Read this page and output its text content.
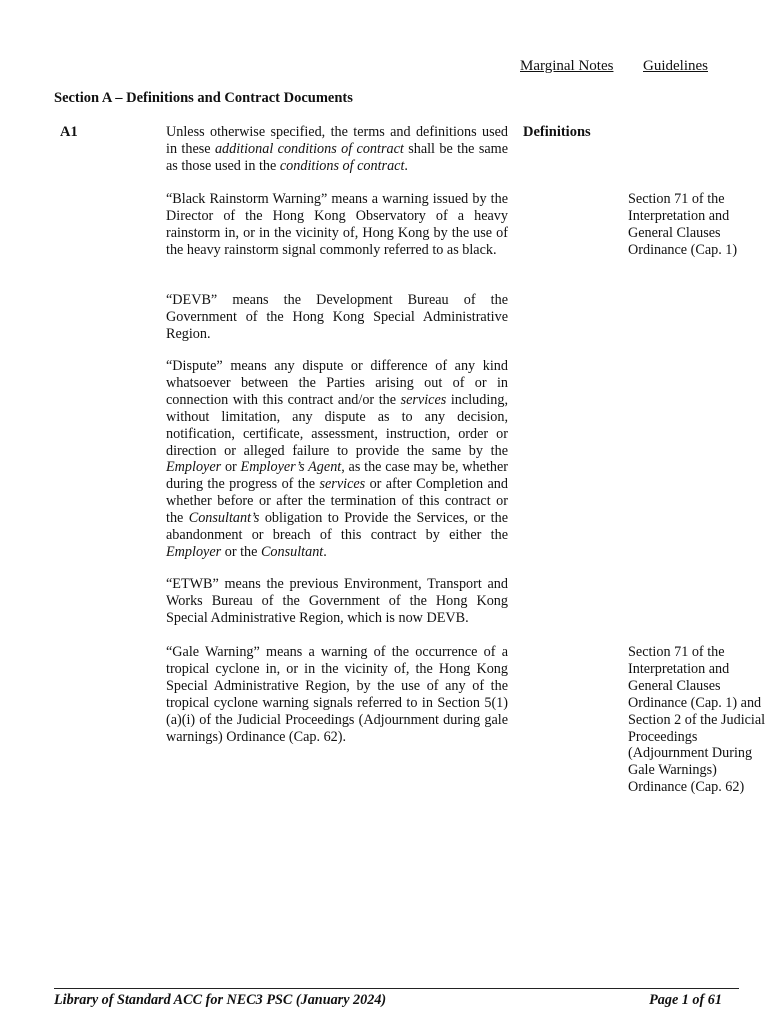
Marginal Notes Guidelines
Section A – Definitions and Contract Documents
A1	Definitions
Unless otherwise specified, the terms and definitions used in these additional conditions of contract shall be the same as those used in the conditions of contract.
“Black Rainstorm Warning” means a warning issued by the Director of the Hong Kong Observatory of a heavy rainstorm in, or in the vicinity of, Hong Kong by the use of the heavy rainstorm signal commonly referred to as black.
“DEVB” means the Development Bureau of the Government of the Hong Kong Special Administrative Region.
“Dispute” means any dispute or difference of any kind whatsoever between the Parties arising out of or in connection with this contract and/or the services including, without limitation, any dispute as to any decision, notification, certificate, assessment, instruction, order or direction or alleged failure to provide the same by the Employer or Employer’s Agent, as the case may be, whether during the progress of the services or after Completion and whether before or after the termination of this contract or the Consultant’s obligation to Provide the Services, or the abandonment or breach of this contract by either the Employer or the Consultant.
“ETWB” means the previous Environment, Transport and Works Bureau of the Government of the Hong Kong Special Administrative Region, which is now DEVB.
“Gale Warning” means a warning of the occurrence of a tropical cyclone in, or in the vicinity of, the Hong Kong Special Administrative Region, by the use of any of the tropical cyclone warning signals referred to in Section 5(1)(a)(i) of the Judicial Proceedings (Adjournment during gale warnings) Ordinance (Cap. 62).
Section 71 of the Interpretation and General Clauses Ordinance (Cap. 1)
Section 71 of the Interpretation and General Clauses Ordinance (Cap. 1) and Section 2 of the Judicial Proceedings (Adjournment During Gale Warnings) Ordinance (Cap. 62)
Library of Standard ACC for NEC3 PSC (January 2024)	Page 1 of 61
